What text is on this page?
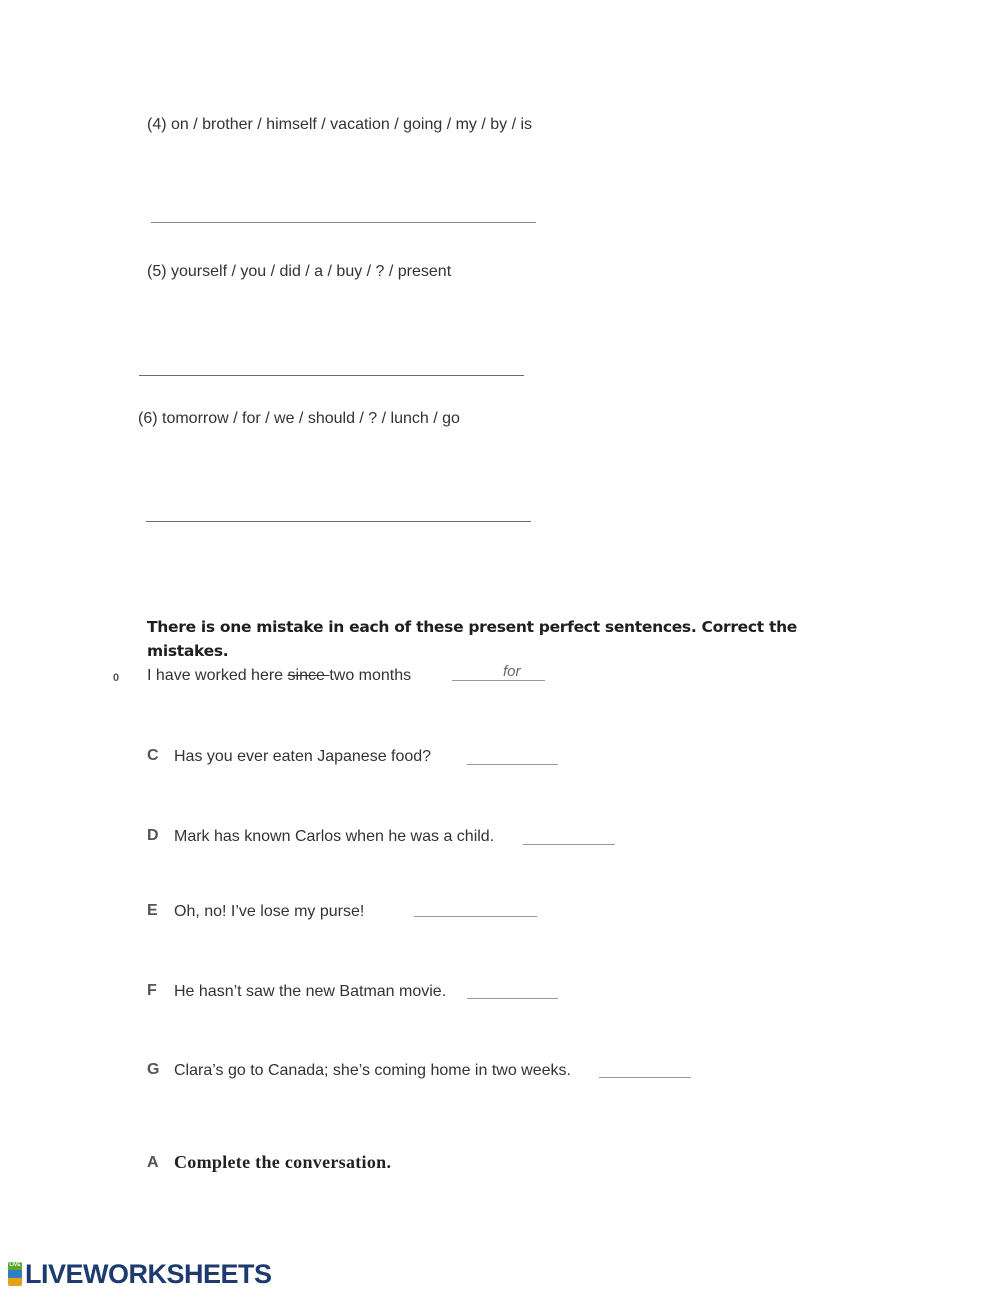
(4) on / brother / himself / vacation / going / my / by / is
(5) yourself / you / did / a / buy / ? / present
(6) tomorrow / for / we / should / ? / lunch / go
There is one mistake in each of these present perfect sentences. Correct the
mistakes.
0 I have worked here since two months	for
C Has you ever eaten Japanese food?
D Mark has known Carlos when he was a child.
E Oh, no! I’ve lose my purse!
F He hasn’t saw the new Batman movie.
G Clara’s go to Canada; she’s coming home in two weeks.
A Complete the conversation.
LIVE LIVEWORKSHEETS
